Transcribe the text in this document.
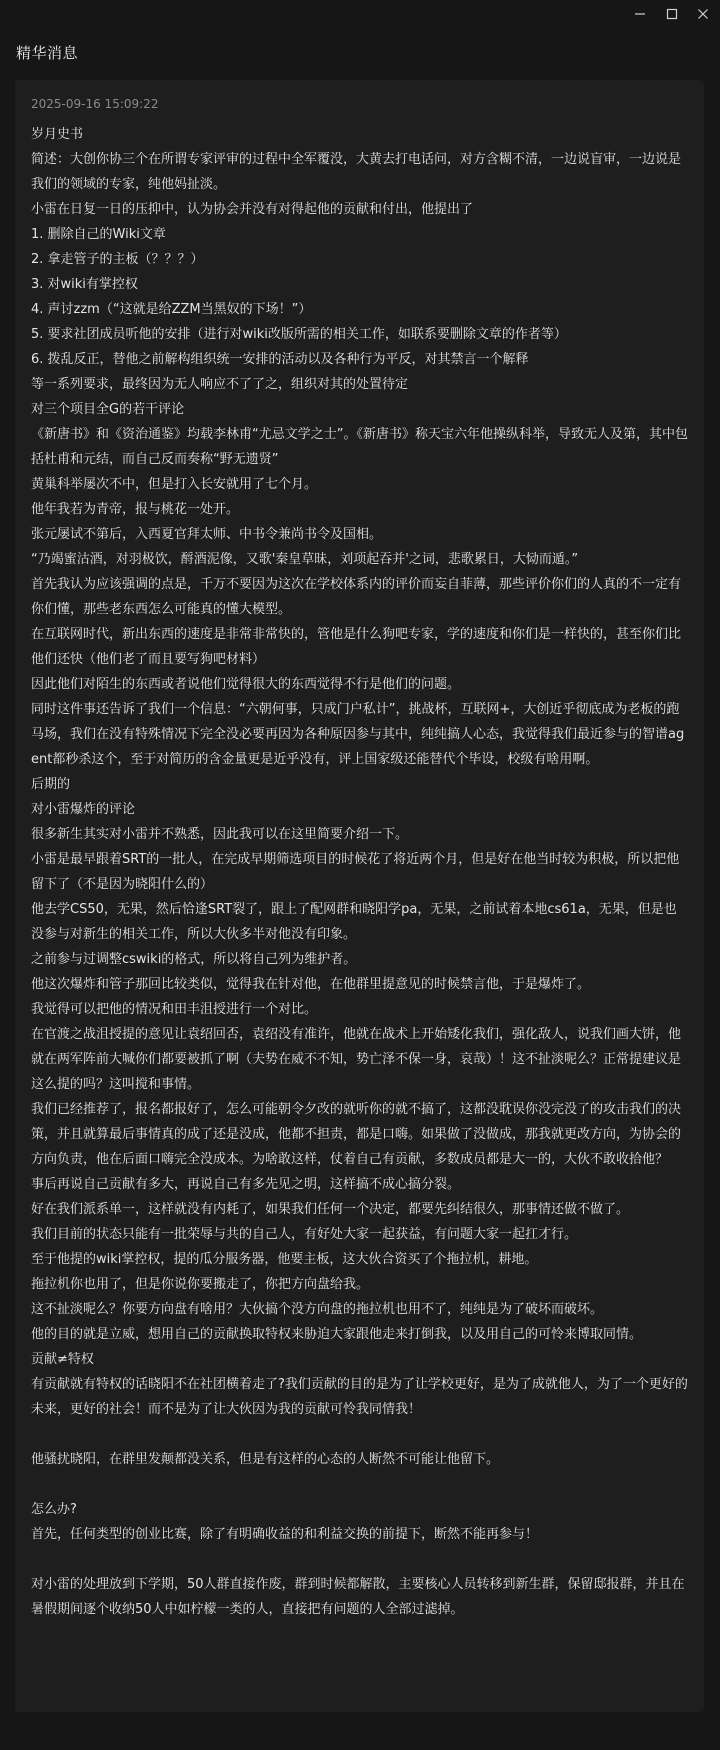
精华消息
2025-09-16 15:09:22
岁月史书
简述：大创你协三个在所谓专家评审的过程中全军覆没，大黄去打电话问，对方含糊不清，一边说盲审，一边说是我们的领域的专家，纯他妈扯淡。
小雷在日复一日的压抑中，认为协会并没有对得起他的贡献和付出，他提出了
1. 删除自己的Wiki文章
2. 拿走管子的主板（？？？）
3. 对wiki有掌控权
4. 声讨zzm（“这就是给ZZM当黑奴的下场！”）
5. 要求社团成员听他的安排（进行对wiki改版所需的相关工作，如联系要删除文章的作者等）
6. 拨乱反正，替他之前解构组织统一安排的活动以及各种行为平反，对其禁言一个解释
等一系列要求，最终因为无人响应不了了之，组织对其的处置待定
对三个项目全G的若干评论
《新唐书》和《资治通鉴》均载李林甫“尤忌文学之士”。《新唐书》称天宝六年他操纵科举，导致无人及第，其中包括杜甫和元结，而自己反而奏称“野无遗贤”
黄巢科举屡次不中，但是打入长安就用了七个月。
他年我若为青帝，报与桃花一处开。
张元屡试不第后，入西夏官拜太师、中书令兼尚书令及国相。
“乃竭蜜沽酒，对羽极饮，酹酒泥像，又歌'秦皇草昧，刘项起吞并'之词，悲歌累日，大恸而遁。”
首先我认为应该强调的点是，千万不要因为这次在学校体系内的评价而妄自菲薄，那些评价你们的人真的不一定有你们懂，那些老东西怎么可能真的懂大模型。
在互联网时代，新出东西的速度是非常非常快的，管他是什么狗吧专家，学的速度和你们是一样快的，甚至你们比他们还快（他们老了而且要写狗吧材料）
因此他们对陌生的东西或者说他们觉得很大的东西觉得不行是他们的问题。
同时这件事还告诉了我们一个信息：“六朝何事，只成门户私计”，挑战杯，互联网+，大创近乎彻底成为老板的跑马场，我们在没有特殊情况下完全没必要再因为各种原因参与其中，纯纯搞人心态，我觉得我们最近参与的智谱agent都秒杀这个，至于对简历的含金量更是近乎没有，评上国家级还能替代个毕设，校级有啥用啊。
后期的
对小雷爆炸的评论
很多新生其实对小雷并不熟悉，因此我可以在这里简要介绍一下。
小雷是最早跟着SRT的一批人，在完成早期筛选项目的时候花了将近两个月，但是好在他当时较为积极，所以把他留下了（不是因为晓阳什么的）
他去学CS50，无果，然后恰逢SRT裂了，跟上了配网群和晓阳学pa，无果，之前试着本地cs61a，无果，但是也没参与对新生的相关工作，所以大伙多半对他没有印象。
之前参与过调整cswiki的格式，所以将自己列为维护者。
他这次爆炸和管子那回比较类似，觉得我在针对他，在他群里提意见的时候禁言他，于是爆炸了。
我觉得可以把他的情况和田丰沮授进行一个对比。
在官渡之战沮授提的意见让袁绍回否，袁绍没有准许，他就在战术上开始矮化我们，强化敌人，说我们画大饼，他就在两军阵前大喊你们都要被抓了啊（夫势在威不不知，势亡泽不保一身，哀哉）！这不扯淡呢么？正常提建议是这么提的吗？这叫搅和事情。
我们已经推荐了，报名都报好了，怎么可能朝令夕改的就听你的就不搞了，这都没耽误你没完没了的攻击我们的决策，并且就算最后事情真的成了还是没成，他都不担责，都是口嗨。如果做了没做成，那我就更改方向，为协会的方向负责，他在后面口嗨完全没成本。为啥敢这样，仗着自己有贡献，多数成员都是大一的，大伙不敢收拾他？
事后再说自己贡献有多大，再说自己有多先见之明，这样搞不成心搞分裂。
好在我们派系单一，这样就没有内耗了，如果我们任何一个决定，都要先纠结很久，那事情还做不做了。
我们目前的状态只能有一批荣辱与共的自己人，有好处大家一起获益，有问题大家一起扛才行。
至于他提的wiki掌控权，提的瓜分服务器，他要主板，这大伙合资买了个拖拉机，耕地。
拖拉机你也用了，但是你说你要搬走了，你把方向盘给我。
这不扯淡呢么？你要方向盘有啥用？大伙搞个没方向盘的拖拉机也用不了，纯纯是为了破坏而破坏。
他的目的就是立威，想用自己的贡献换取特权来胁迫大家跟他走来打倒我，以及用自己的可怜来博取同情。
贡献≠特权
有贡献就有特权的话晓阳不在社团横着走了?我们贡献的目的是为了让学校更好，是为了成就他人，为了一个更好的未来，更好的社会！而不是为了让大伙因为我的贡献可怜我同情我！
他骚扰晓阳，在群里发颠都没关系，但是有这样的心态的人断然不可能让他留下。
怎么办?
首先，任何类型的创业比赛，除了有明确收益的和利益交换的前提下，断然不能再参与！
对小雷的处理放到下学期，50人群直接作废，群到时候都解散，主要核心人员转移到新生群，保留邸报群，并且在暑假期间逐个收纳50人中如柠檬一类的人，直接把有问题的人全部过滤掉。
